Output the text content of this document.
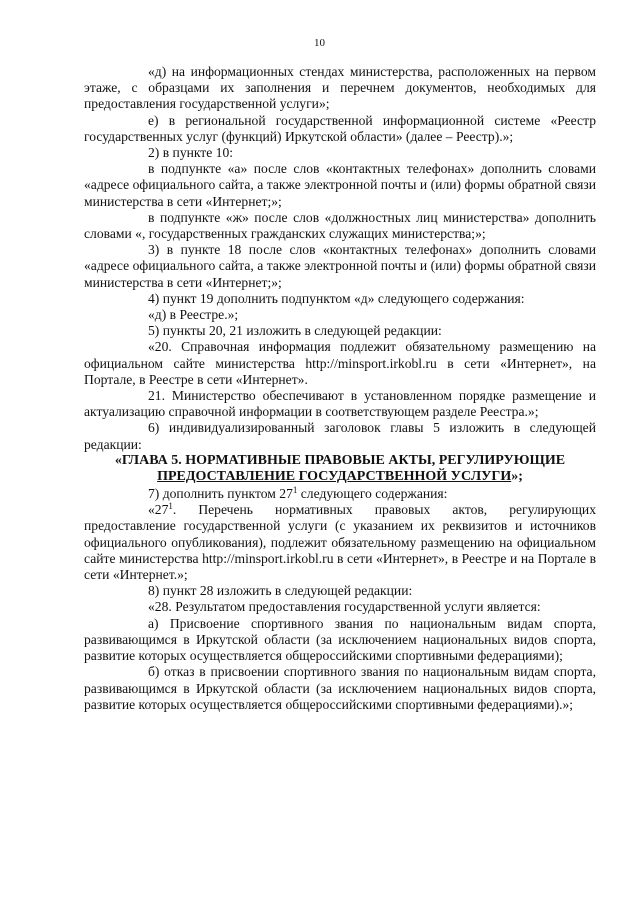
10

«д) на информационных стендах министерства, расположенных на первом этаже, с образцами их заполнения и перечнем документов, необходимых для предоставления государственной услуги»;

е) в региональной государственной информационной системе «Реестр государственных услуг (функций) Иркутской области» (далее – Реестр).»;

2) в пункте 10:

в подпункте «а» после слов «контактных телефонах» дополнить словами «адресе официального сайта, а также электронной почты и (или) формы обратной связи министерства в сети «Интернет;»;

в подпункте «ж» после слов «должностных лиц министерства» дополнить словами «, государственных гражданских служащих министерства;»;

3) в пункте 18 после слов «контактных телефонах» дополнить словами «адресе официального сайта, а также электронной почты и (или) формы обратной связи министерства в сети «Интернет;»;

4) пункт 19 дополнить подпунктом «д» следующего содержания:

«д) в Реестре.»;

5) пункты 20, 21 изложить в следующей редакции:

«20. Справочная информация подлежит обязательному размещению на официальном сайте министерства http://minsport.irkobl.ru в сети «Интернет», на Портале, в Реестре в сети «Интернет».

21. Министерство обеспечивают в установленном порядке размещение и актуализацию справочной информации в соответствующем разделе Реестра.»;

6) индивидуализированный заголовок главы 5 изложить в следующей редакции:

«ГЛАВА 5. НОРМАТИВНЫЕ ПРАВОВЫЕ АКТЫ, РЕГУЛИРУЮЩИЕ
ПРЕДОСТАВЛЕНИЕ ГОСУДАРСТВЕННОЙ УСЛУГИ»;

7) дополнить пунктом $27^1$ следующего содержания:

«$27^1$. Перечень нормативных правовых актов, регулирующих предоставление государственной услуги (с указанием их реквизитов и источников официального опубликования), подлежит обязательному размещению на официальном сайте министерства http://minsport.irkobl.ru в сети «Интернет», в Реестре и на Портале в сети «Интернет.»;

8) пункт 28 изложить в следующей редакции:

«28. Результатом предоставления государственной услуги является:

а) Присвоение спортивного звания по национальным видам спорта, развивающимся в Иркутской области (за исключением национальных видов спорта, развитие которых осуществляется общероссийскими спортивными федерациями);

б) отказ в присвоении спортивного звания по национальным видам спорта, развивающимся в Иркутской области (за исключением национальных видов спорта, развитие которых осуществляется общероссийскими спортивными федерациями).»;
